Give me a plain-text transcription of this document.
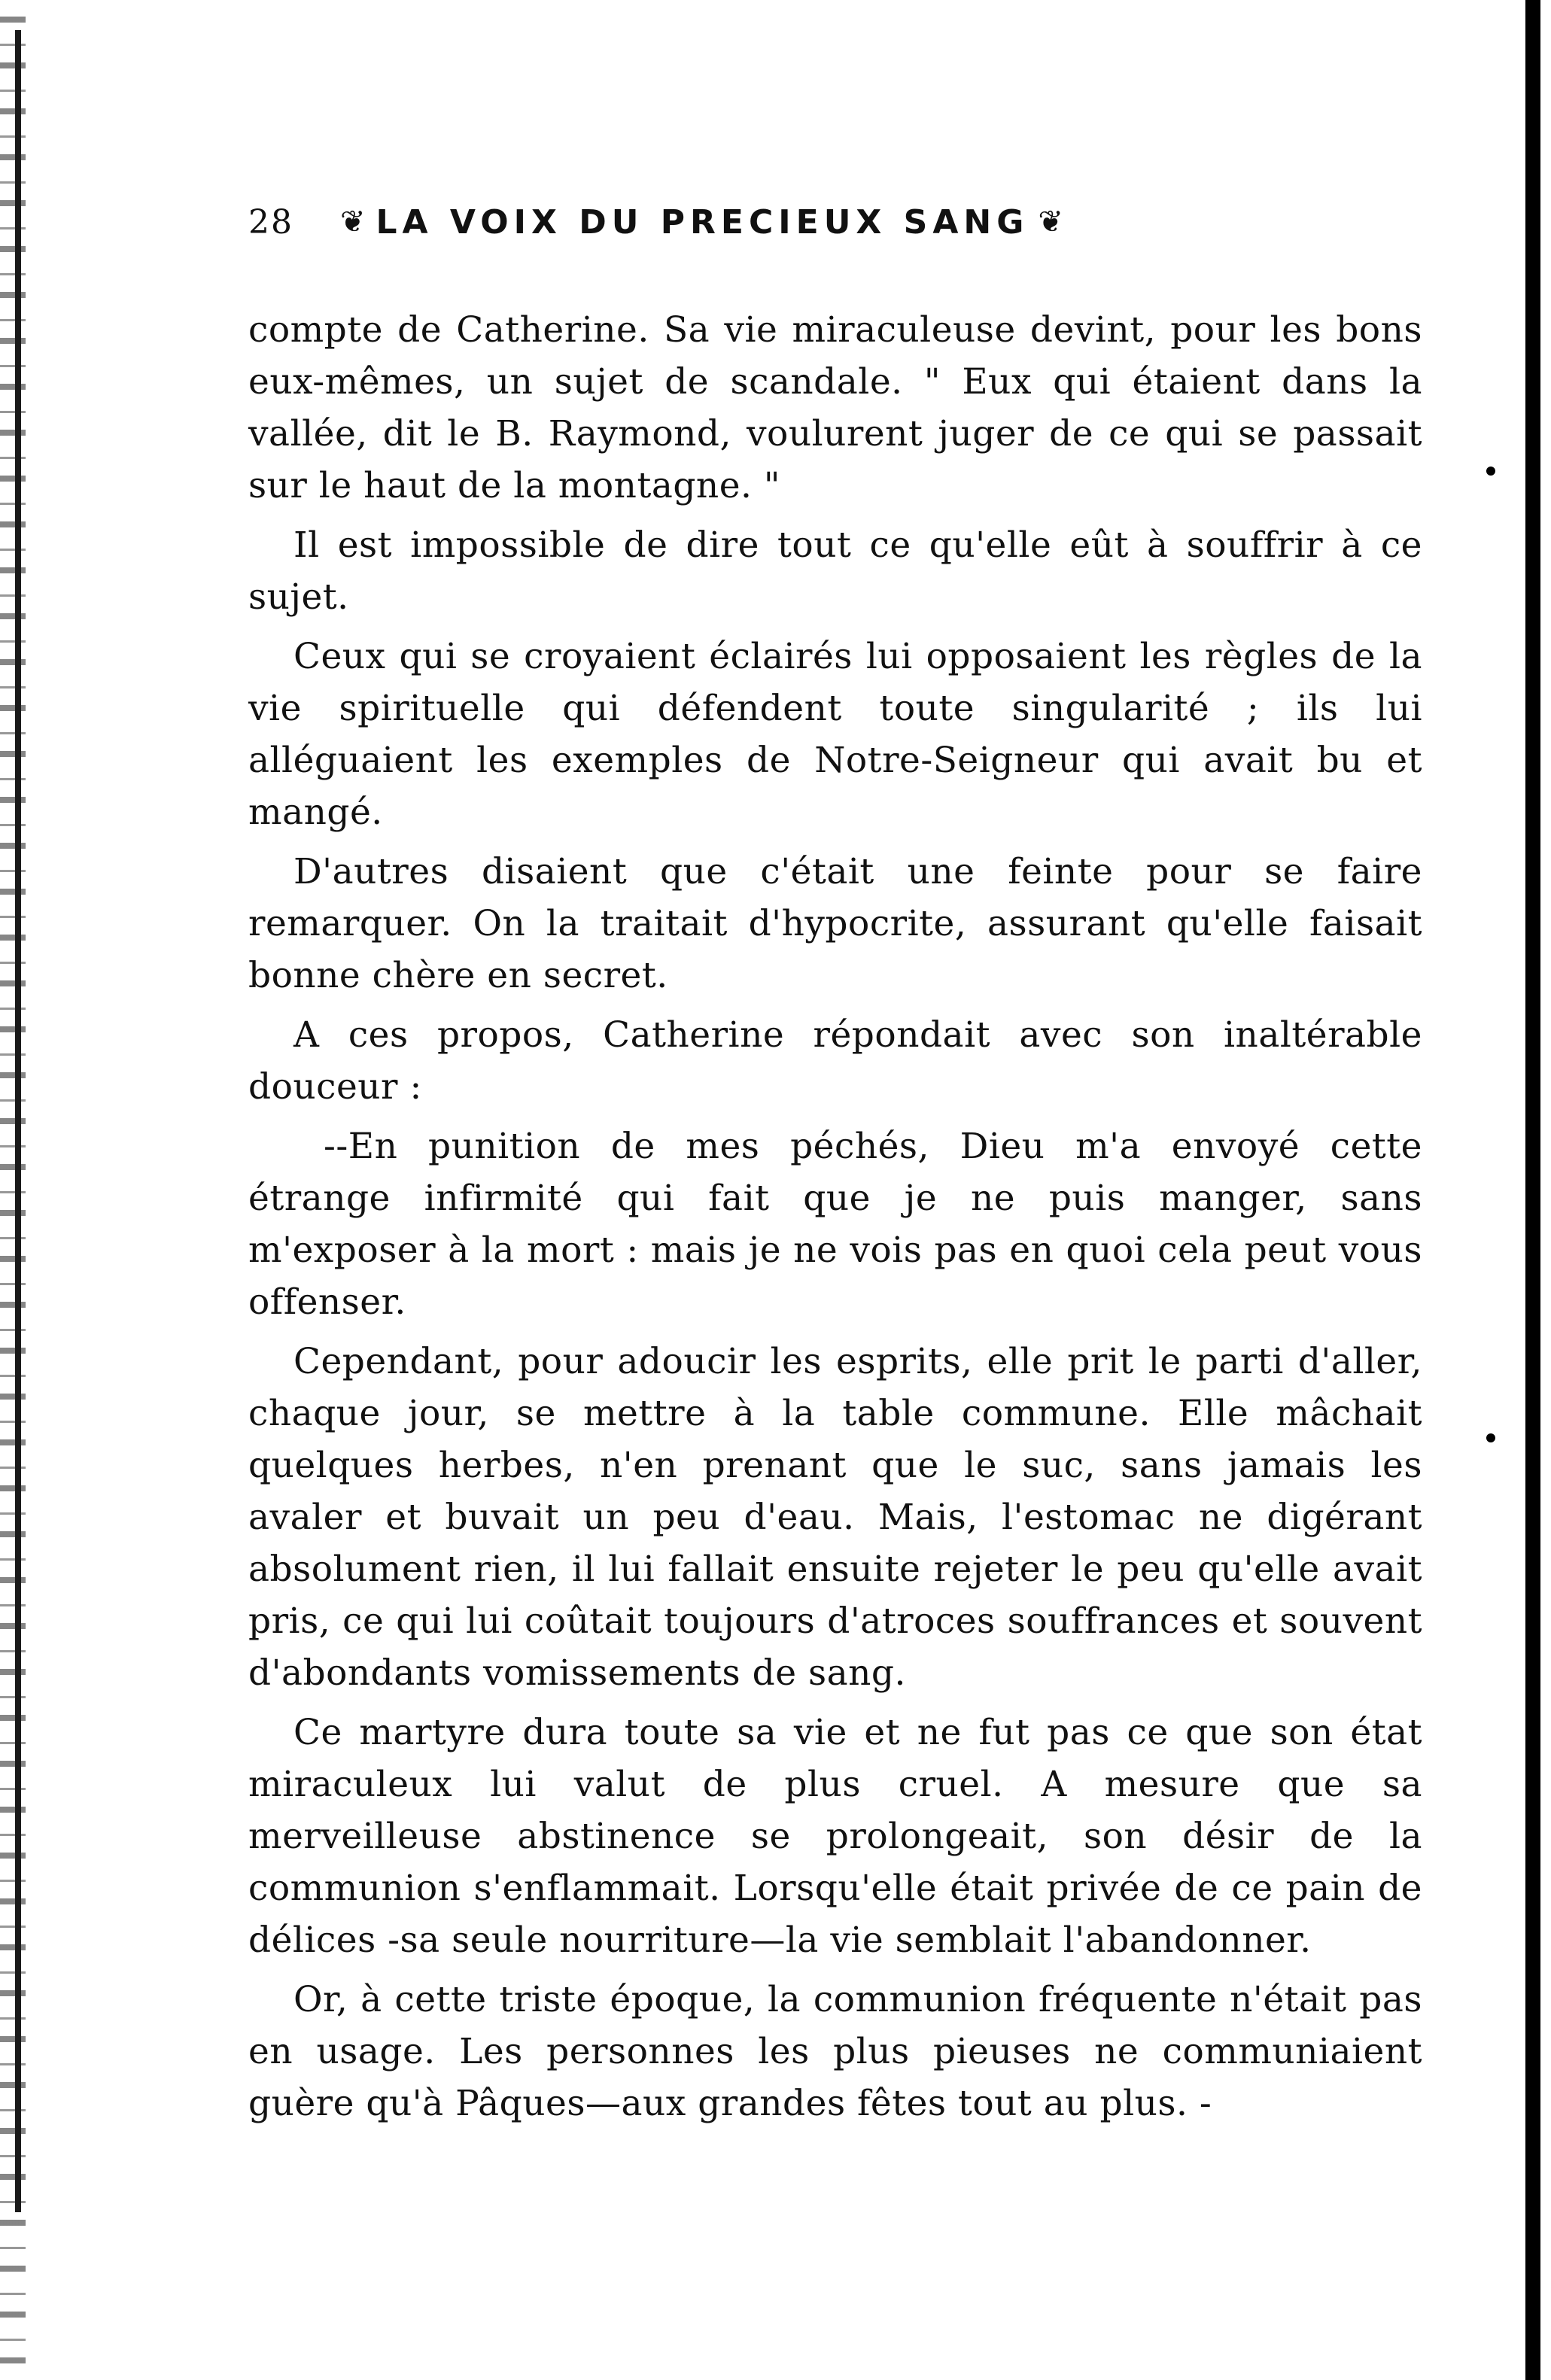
28 ❦ LA VOIX DU PRECIEUX SANG ❦

compte de Catherine. Sa vie miraculeuse devint, pour les bons eux-mêmes, un sujet de scandale. " Eux qui étaient dans la vallée, dit le B. Raymond, voulurent juger de ce qui se passait sur le haut de la montagne. "

Il est impossible de dire tout ce qu'elle eût à souffrir à ce sujet.

Ceux qui se croyaient éclairés lui opposaient les règles de la vie spirituelle qui défendent toute singularité ; ils lui alléguaient les exemples de Notre-Seigneur qui avait bu et mangé.

D'autres disaient que c'était une feinte pour se faire remarquer. On la traitait d'hypocrite, assurant qu'elle faisait bonne chère en secret.

A ces propos, Catherine répondait avec son inaltérable douceur :

--En punition de mes péchés, Dieu m'a envoyé cette étrange infirmité qui fait que je ne puis manger, sans m'exposer à la mort : mais je ne vois pas en quoi cela peut vous offenser.

Cependant, pour adoucir les esprits, elle prit le parti d'aller, chaque jour, se mettre à la table commune. Elle mâchait quelques herbes, n'en prenant que le suc, sans jamais les avaler et buvait un peu d'eau. Mais, l'estomac ne digérant absolument rien, il lui fallait ensuite rejeter le peu qu'elle avait pris, ce qui lui coûtait toujours d'atroces souffrances et souvent d'abondants vomissements de sang.

Ce martyre dura toute sa vie et ne fut pas ce que son état miraculeux lui valut de plus cruel. A mesure que sa merveilleuse abstinence se prolongeait, son désir de la communion s'enflammait. Lorsqu'elle était privée de ce pain de délices -sa seule nourriture—la vie semblait l'abandonner.

Or, à cette triste époque, la communion fréquente n'était pas en usage. Les personnes les plus pieuses ne communiaient guère qu'à Pâques—aux grandes fêtes tout au plus. -
